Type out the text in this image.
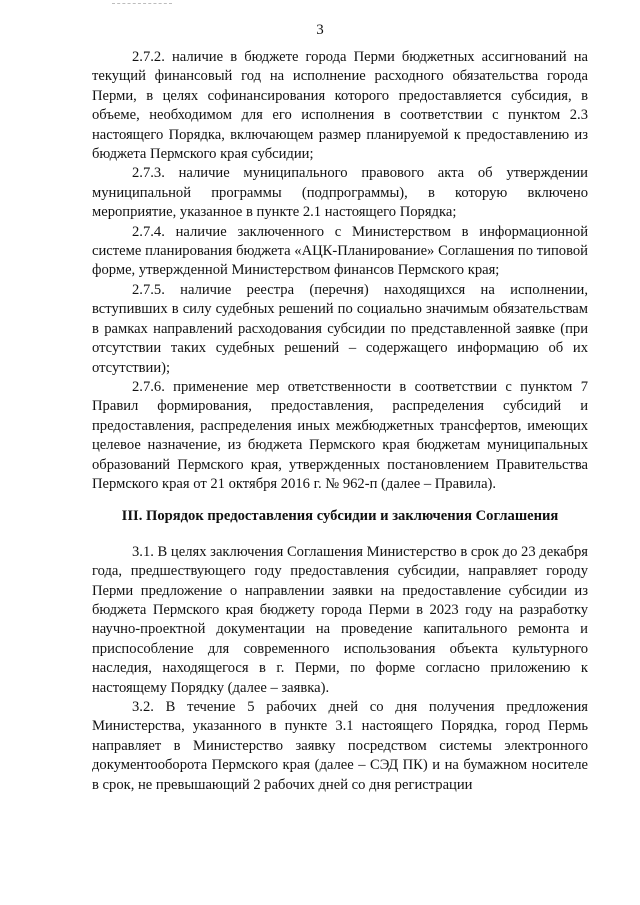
3

2.7.2. наличие в бюджете города Перми бюджетных ассигнований на текущий финансовый год на исполнение расходного обязательства города Перми, в целях софинансирования которого предоставляется субсидия, в объеме, необходимом для его исполнения в соответствии с пунктом 2.3 настоящего Порядка, включающем размер планируемой к предоставлению из бюджета Пермского края субсидии;

2.7.3. наличие муниципального правового акта об утверждении муниципальной программы (подпрограммы), в которую включено мероприятие, указанное в пункте 2.1 настоящего Порядка;

2.7.4. наличие заключенного с Министерством в информационной системе планирования бюджета «АЦК-Планирование» Соглашения по типовой форме, утвержденной Министерством финансов Пермского края;

2.7.5. наличие реестра (перечня) находящихся на исполнении, вступивших в силу судебных решений по социально значимым обязательствам в рамках направлений расходования субсидии по представленной заявке (при отсутствии таких судебных решений – содержащего информацию об их отсутствии);

2.7.6. применение мер ответственности в соответствии с пунктом 7 Правил формирования, предоставления, распределения субсидий и предоставления, распределения иных межбюджетных трансфертов, имеющих целевое назначение, из бюджета Пермского края бюджетам муниципальных образований Пермского края, утвержденных постановлением Правительства Пермского края от 21 октября 2016 г. № 962-п (далее – Правила).

III. Порядок предоставления субсидии и заключения Соглашения

3.1. В целях заключения Соглашения Министерство в срок до 23 декабря года, предшествующего году предоставления субсидии, направляет городу Перми предложение о направлении заявки на предоставление субсидии из бюджета Пермского края бюджету города Перми в 2023 году на разработку научно-проектной документации на проведение капитального ремонта и приспособление для современного использования объекта культурного наследия, находящегося в г. Перми, по форме согласно приложению к настоящему Порядку (далее – заявка).

3.2. В течение 5 рабочих дней со дня получения предложения Министерства, указанного в пункте 3.1 настоящего Порядка, город Пермь направляет в Министерство заявку посредством системы электронного документооборота Пермского края (далее – СЭД ПК) и на бумажном носителе в срок, не превышающий 2 рабочих дней со дня регистрации
